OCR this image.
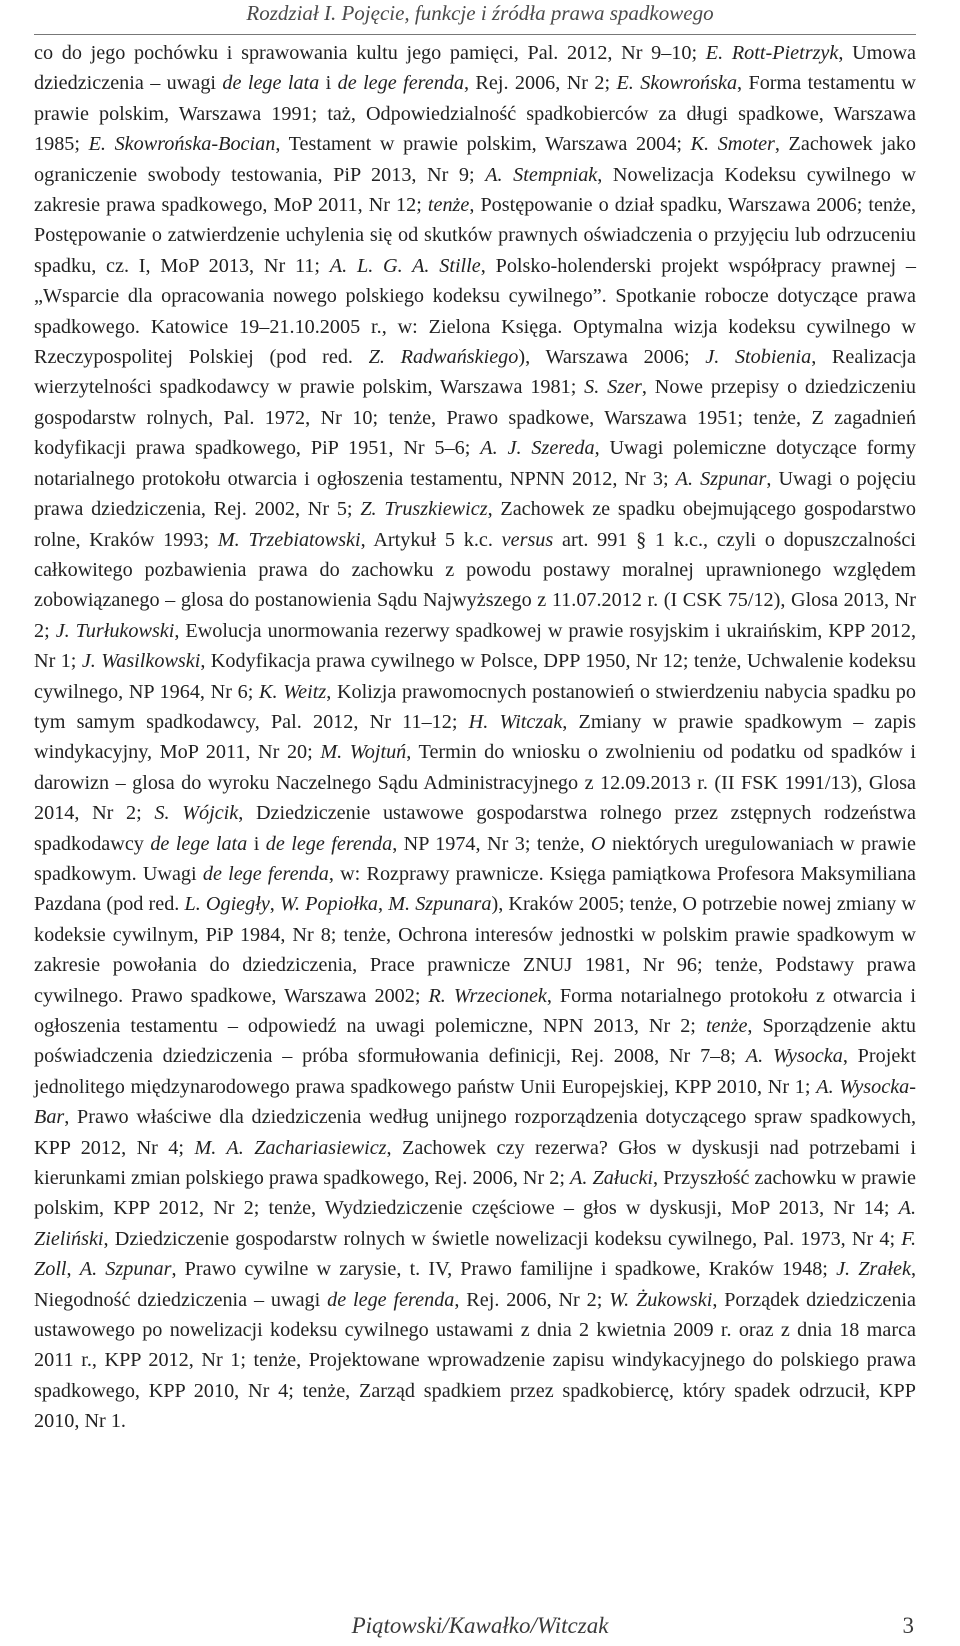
Rozdział I. Pojęcie, funkcje i źródła prawa spadkowego

co do jego pochówku i sprawowania kultu jego pamięci, Pal. 2012, Nr 9–10; E. Rott-Pietrzyk, Umowa dziedziczenia – uwagi de lege lata i de lege ferenda, Rej. 2006, Nr 2; E. Skowrońska, Forma testamentu w prawie polskim, Warszawa 1991; taż, Odpowiedzialność spadkobierców za długi spadkowe, Warszawa 1985; E. Skowrońska-Bocian, Testament w prawie polskim, Warszawa 2004; K. Smoter, Zachowek jako ograniczenie swobody testowania, PiP 2013, Nr 9; A. Stempniak, Nowelizacja Kodeksu cywilnego w zakresie prawa spadkowego, MoP 2011, Nr 12; tenże, Postępowanie o dział spadku, Warszawa 2006; tenże, Postępowanie o zatwierdzenie uchylenia się od skutków prawnych oświadczenia o przyjęciu lub odrzuceniu spadku, cz. I, MoP 2013, Nr 11; A. L. G. A. Stille, Polsko-holenderski projekt współpracy prawnej – „Wsparcie dla opracowania nowego polskiego kodeksu cywilnego”. Spotkanie robocze dotyczące prawa spadkowego. Katowice 19–21.10.2005 r., w: Zielona Księga. Optymalna wizja kodeksu cywilnego w Rzeczypospolitej Polskiej (pod red. Z. Radwańskiego), Warszawa 2006; J. Stobienia, Realizacja wierzytelności spadkodawcy w prawie polskim, Warszawa 1981; S. Szer, Nowe przepisy o dziedziczeniu gospodarstw rolnych, Pal. 1972, Nr 10; tenże, Prawo spadkowe, Warszawa 1951; tenże, Z zagadnień kodyfikacji prawa spadkowego, PiP 1951, Nr 5–6; A. J. Szereda, Uwagi polemiczne dotyczące formy notarialnego protokołu otwarcia i ogłoszenia testamentu, NPNN 2012, Nr 3; A. Szpunar, Uwagi o pojęciu prawa dziedziczenia, Rej. 2002, Nr 5; Z. Truszkiewicz, Zachowek ze spadku obejmującego gospodarstwo rolne, Kraków 1993; M. Trzebiatowski, Artykuł 5 k.c. versus art. 991 § 1 k.c., czyli o dopuszczalności całkowitego pozbawienia prawa do zachowku z powodu postawy moralnej uprawnionego względem zobowiązanego – glosa do postanowienia Sądu Najwyższego z 11.07.2012 r. (I CSK 75/12), Glosa 2013, Nr 2; J. Turłukowski, Ewolucja unormowania rezerwy spadkowej w prawie rosyjskim i ukraińskim, KPP 2012, Nr 1; J. Wasilkowski, Kodyfikacja prawa cywilnego w Polsce, DPP 1950, Nr 12; tenże, Uchwalenie kodeksu cywilnego, NP 1964, Nr 6; K. Weitz, Kolizja prawomocnych postanowień o stwierdzeniu nabycia spadku po tym samym spadkodawcy, Pal. 2012, Nr 11–12; H. Witczak, Zmiany w prawie spadkowym – zapis windykacyjny, MoP 2011, Nr 20; M. Wojtuń, Termin do wniosku o zwolnieniu od podatku od spadków i darowizn – glosa do wyroku Naczelnego Sądu Administracyjnego z 12.09.2013 r. (II FSK 1991/13), Glosa 2014, Nr 2; S. Wójcik, Dziedziczenie ustawowe gospodarstwa rolnego przez zstępnych rodzeństwa spadkodawcy de lege lata i de lege ferenda, NP 1974, Nr 3; tenże, O niektórych uregulowaniach w prawie spadkowym. Uwagi de lege ferenda, w: Rozprawy prawnicze. Księga pamiątkowa Profesora Maksymiliana Pazdana (pod red. L. Ogiegły, W. Popiołka, M. Szpunara), Kraków 2005; tenże, O potrzebie nowej zmiany w kodeksie cywilnym, PiP 1984, Nr 8; tenże, Ochrona interesów jednostki w polskim prawie spadkowym w zakresie powołania do dziedziczenia, Prace prawnicze ZNUJ 1981, Nr 96; tenże, Podstawy prawa cywilnego. Prawo spadkowe, Warszawa 2002; R. Wrzecionek, Forma notarialnego protokołu z otwarcia i ogłoszenia testamentu – odpowiedź na uwagi polemiczne, NPN 2013, Nr 2; tenże, Sporządzenie aktu poświadczenia dziedziczenia – próba sformułowania definicji, Rej. 2008, Nr 7–8; A. Wysocka, Projekt jednolitego międzynarodowego prawa spadkowego państw Unii Europejskiej, KPP 2010, Nr 1; A. Wysocka-Bar, Prawo właściwe dla dziedziczenia według unijnego rozporządzenia dotyczącego spraw spadkowych, KPP 2012, Nr 4; M. A. Zachariasiewicz, Zachowek czy rezerwa? Głos w dyskusji nad potrzebami i kierunkami zmian polskiego prawa spadkowego, Rej. 2006, Nr 2; A. Załucki, Przyszłość zachowku w prawie polskim, KPP 2012, Nr 2; tenże, Wydziedziczenie częściowe – głos w dyskusji, MoP 2013, Nr 14; A. Zieliński, Dziedziczenie gospodarstw rolnych w świetle nowelizacji kodeksu cywilnego, Pal. 1973, Nr 4; F. Zoll, A. Szpunar, Prawo cywilne w zarysie, t. IV, Prawo familijne i spadkowe, Kraków 1948; J. Zrałek, Niegodność dziedziczenia – uwagi de lege ferenda, Rej. 2006, Nr 2; W. Żukowski, Porządek dziedziczenia ustawowego po nowelizacji kodeksu cywilnego ustawami z dnia 2 kwietnia 2009 r. oraz z dnia 18 marca 2011 r., KPP 2012, Nr 1; tenże, Projektowane wprowadzenie zapisu windykacyjnego do polskiego prawa spadkowego, KPP 2010, Nr 4; tenże, Zarząd spadkiem przez spadkobiercę, który spadek odrzucił, KPP 2010, Nr 1.

Piątowski/Kawałko/Witczak	3
